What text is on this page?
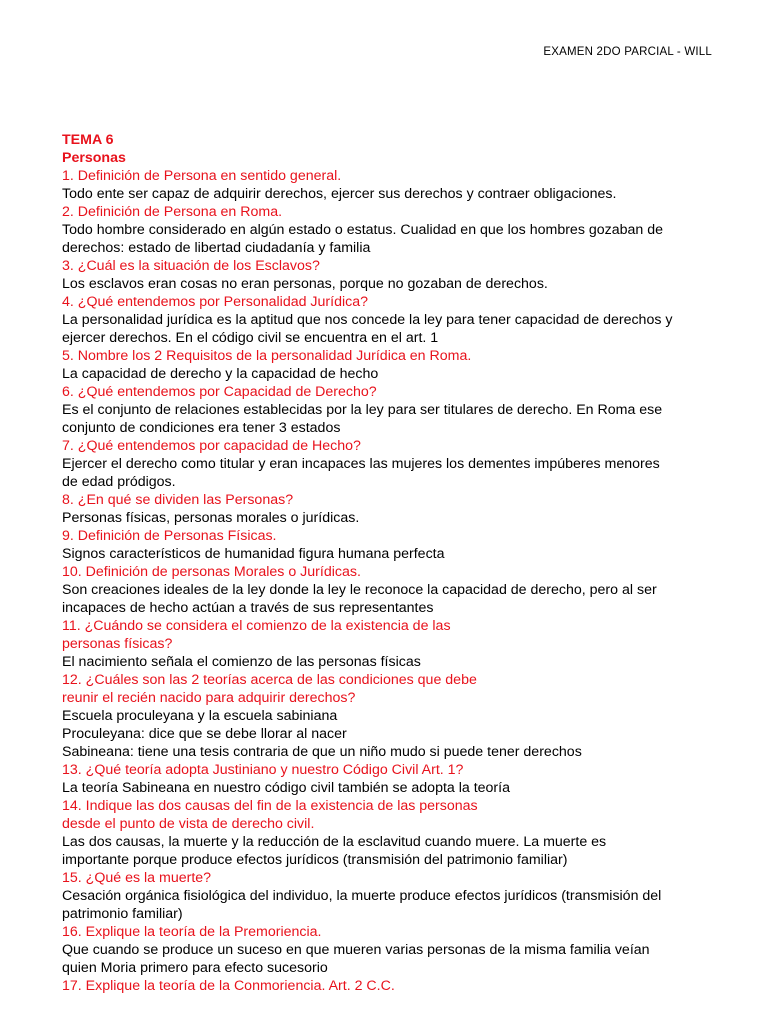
EXAMEN 2DO PARCIAL - WILL
TEMA 6
Personas
1. Definición de Persona en sentido general.
Todo ente ser capaz de adquirir derechos, ejercer sus derechos y contraer obligaciones.
2. Definición de Persona en Roma.
Todo hombre considerado en algún estado o estatus. Cualidad en que los hombres gozaban de
derechos: estado de libertad ciudadanía y familia
3. ¿Cuál es la situación de los Esclavos?
Los esclavos eran cosas no eran personas, porque no gozaban de derechos.
4. ¿Qué entendemos por Personalidad Jurídica?
La personalidad jurídica es la aptitud que nos concede la ley para tener capacidad de derechos y
ejercer derechos. En el código civil se encuentra en el art. 1
5. Nombre los 2 Requisitos de la personalidad Jurídica en Roma.
La capacidad de derecho y la capacidad de hecho
6. ¿Qué entendemos por Capacidad de Derecho?
Es el conjunto de relaciones establecidas por la ley para ser titulares de derecho. En Roma ese
conjunto de condiciones era tener 3 estados
7. ¿Qué entendemos por capacidad de Hecho?
Ejercer el derecho como titular y eran incapaces las mujeres los dementes impúberes menores
de edad pródigos.
8. ¿En qué se dividen las Personas?
Personas físicas, personas morales o jurídicas.
9. Definición de Personas Físicas.
Signos característicos de humanidad figura humana perfecta
10. Definición de personas Morales o Jurídicas.
Son creaciones ideales de la ley donde la ley le reconoce la capacidad de derecho, pero al ser
incapaces de hecho actúan a través de sus representantes
11. ¿Cuándo se considera el comienzo de la existencia de las
personas físicas?
El nacimiento señala el comienzo de las personas físicas
12. ¿Cuáles son las 2 teorías acerca de las condiciones que debe
reunir el recién nacido para adquirir derechos?
Escuela proculeyana y la escuela sabiniana
Proculeyana: dice que se debe llorar al nacer
Sabineana: tiene una tesis contraria de que un niño mudo si puede tener derechos
13. ¿Qué teoría adopta Justiniano y nuestro Código Civil Art. 1?
La teoría Sabineana en nuestro código civil también se adopta la teoría
14. Indique las dos causas del fin de la existencia de las personas
desde el punto de vista de derecho civil.
Las dos causas, la muerte y la reducción de la esclavitud cuando muere. La muerte es
importante porque produce efectos jurídicos (transmisión del patrimonio familiar)
15. ¿Qué es la muerte?
Cesación orgánica fisiológica del individuo, la muerte produce efectos jurídicos (transmisión del
patrimonio familiar)
16. Explique la teoría de la Premoriencia.
Que cuando se produce un suceso en que mueren varias personas de la misma familia veían
quien Moria primero para efecto sucesorio
17. Explique la teoría de la Conmoriencia. Art. 2 C.C.
